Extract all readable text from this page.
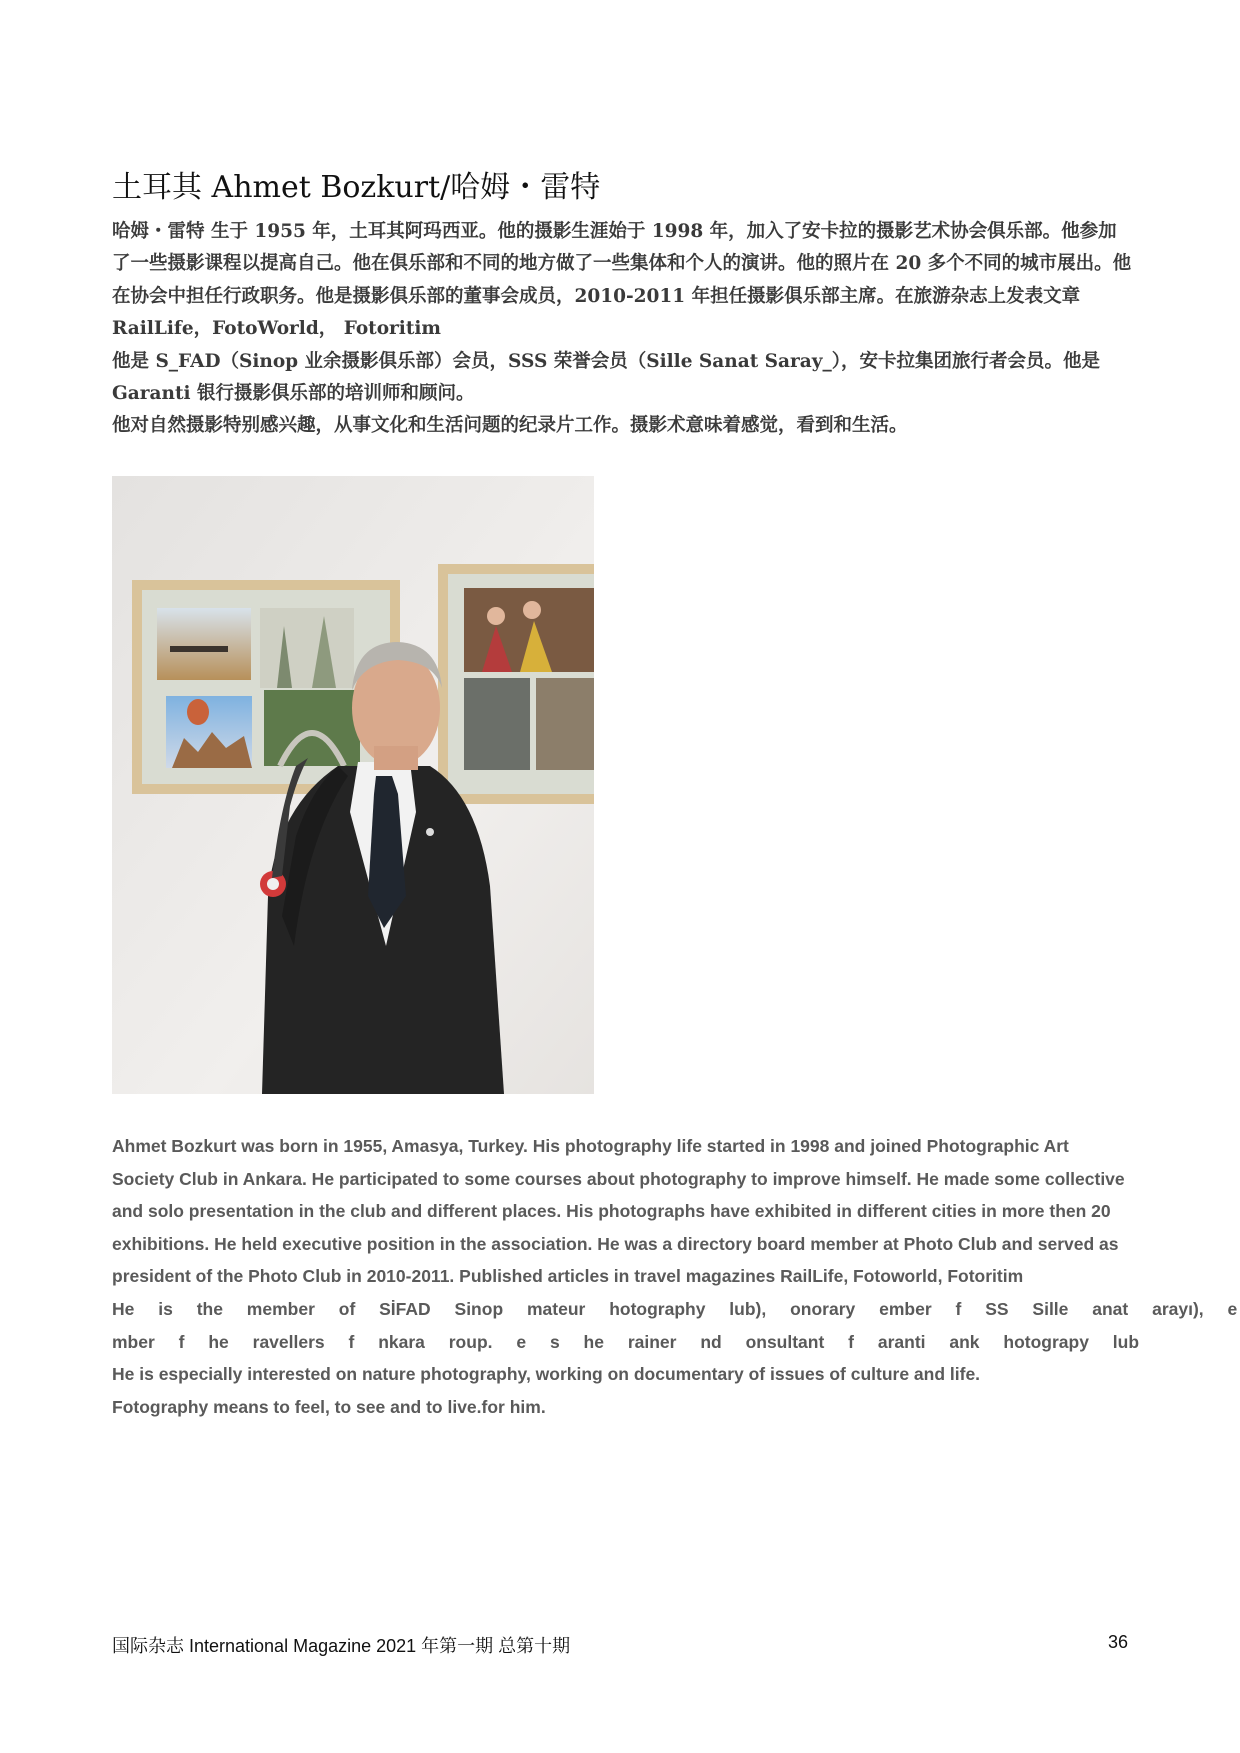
土耳其 Ahmet Bozkurt/哈姆・雷特

哈姆・雷特 生于 1955 年，土耳其阿玛西亚。他的摄影生涯始于 1998 年，加入了安卡拉的摄影艺术协会俱乐部。他参加了一些摄影课程以提高自己。他在俱乐部和不同的地方做了一些集体和个人的演讲。他的照片在 20 多个不同的城市展出。他在协会中担任行政职务。他是摄影俱乐部的董事会成员，2010-2011 年担任摄影俱乐部主席。在旅游杂志上发表文章 RailLife，FotoWorld， Fotoritim

他是 S_FAD（Sinop 业余摄影俱乐部）会员，SSS 荣誉会员（Sille Sanat Saray_），安卡拉集团旅行者会员。他是 Garanti 银行摄影俱乐部的培训师和顾问。

他对自然摄影特别感兴趣，从事文化和生活问题的纪录片工作。摄影术意味着感觉，看到和生活。

Ahmet Bozkurt was born in 1955, Amasya, Turkey. His photography life started in 1998 and joined Photographic Art Society Club in Ankara. He participated to some courses about photography to improve himself. He made some collective and solo presentation in the club and different places. His photographs have exhibited in different cities in more then 20 exhibitions. He held executive position in the association. He was a directory board member at Photo Club and served as president of the Photo Club in 2010-2011. Published articles in travel magazines RailLife, Fotoworld, Fotoritim

He is the member of SİFAD Sinop mateur hotography lub), onorary ember f SS Sille anat arayı), e

mber f he ravellers f nkara roup. e s he rainer nd onsultant f aranti ank hotograpy lub

He is especially interested on nature photography, working on documentary of issues of culture and life.

Fotography means to feel, to see and to live.for him.

国际杂志 International Magazine 2021 年第一期 总第十期	36
